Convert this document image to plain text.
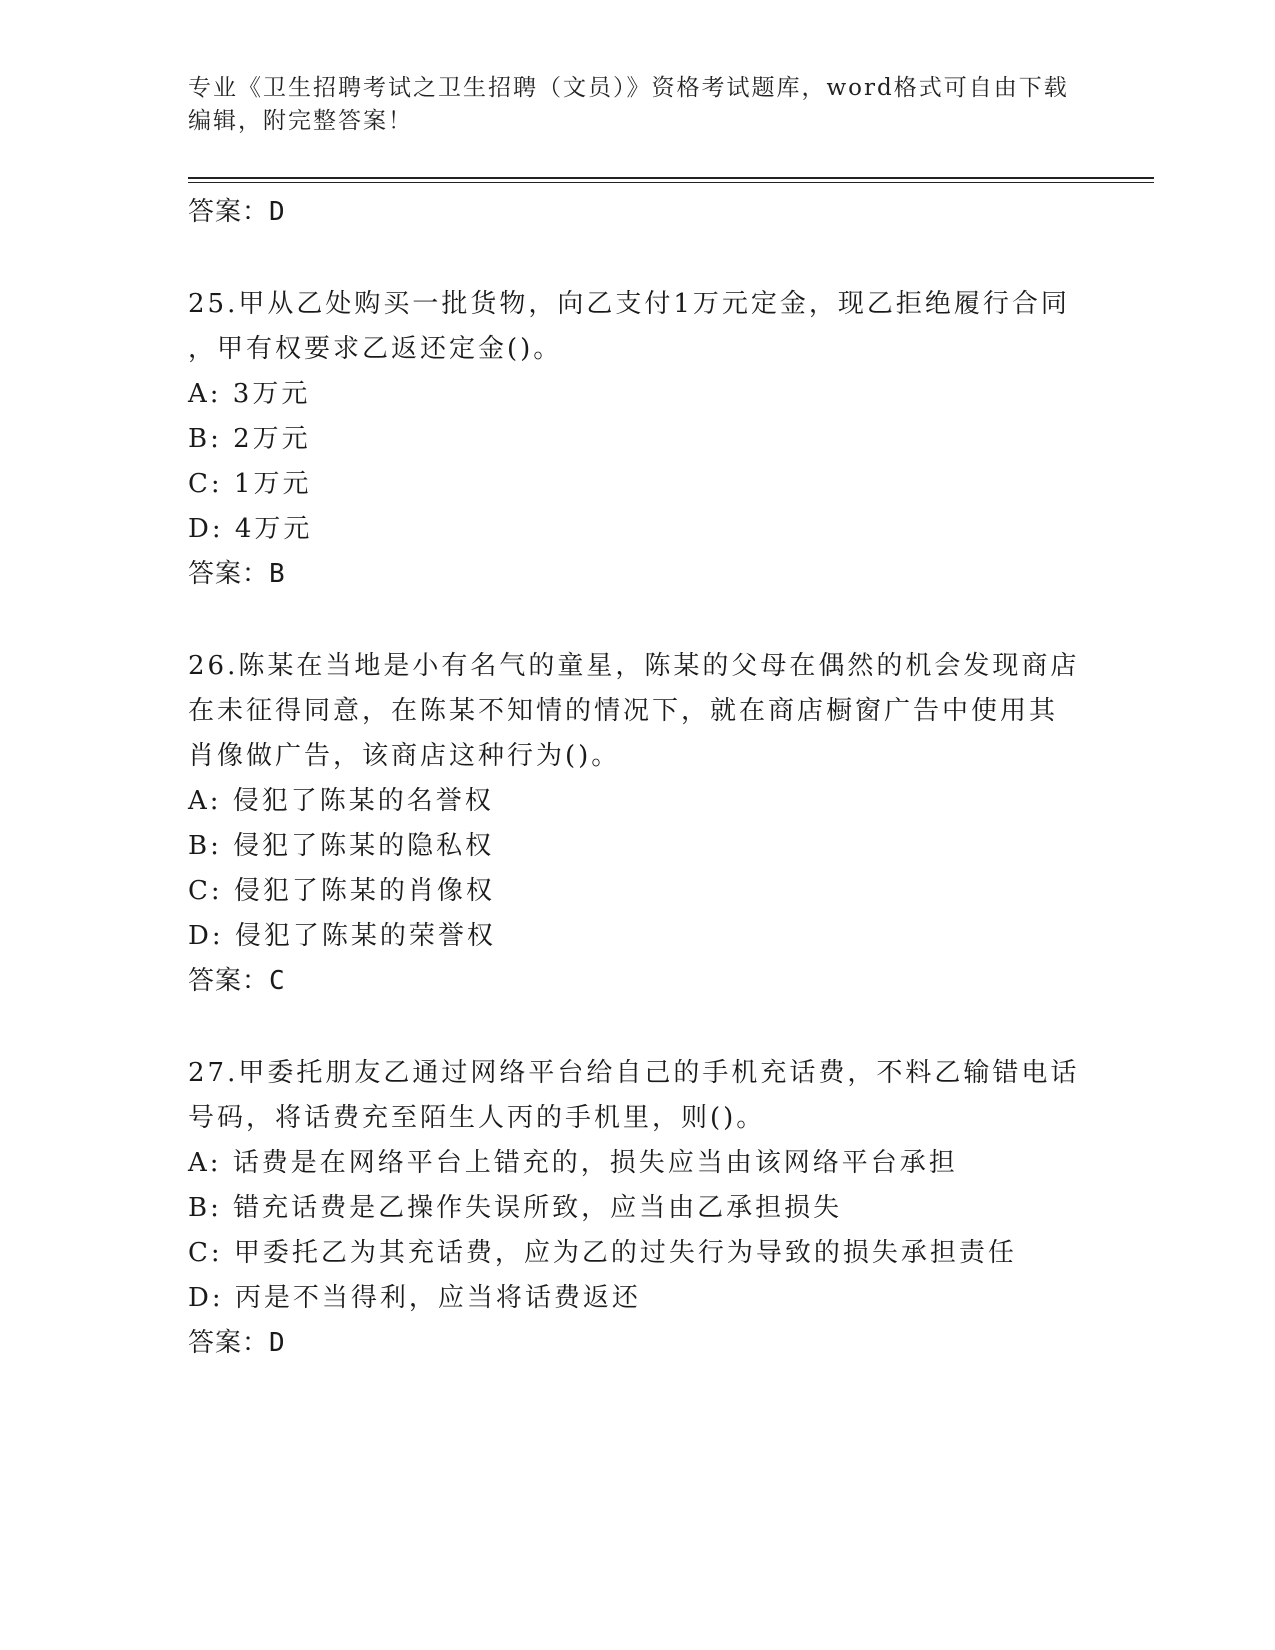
专业《卫生招聘考试之卫生招聘（文员）》资格考试题库，word格式可自由下载
编辑，附完整答案！
答案：D
25.甲从乙处购买一批货物，向乙支付1万元定金，现乙拒绝履行合同
，甲有权要求乙返还定金()。
A: 3万元
B: 2万元
C: 1万元
D: 4万元
答案：B
26.陈某在当地是小有名气的童星，陈某的父母在偶然的机会发现商店
在未征得同意，在陈某不知情的情况下，就在商店橱窗广告中使用其
肖像做广告，该商店这种行为()。
A: 侵犯了陈某的名誉权
B: 侵犯了陈某的隐私权
C: 侵犯了陈某的肖像权
D: 侵犯了陈某的荣誉权
答案：C
27.甲委托朋友乙通过网络平台给自己的手机充话费，不料乙输错电话
号码，将话费充至陌生人丙的手机里，则()。
A: 话费是在网络平台上错充的，损失应当由该网络平台承担
B: 错充话费是乙操作失误所致，应当由乙承担损失
C: 甲委托乙为其充话费，应为乙的过失行为导致的损失承担责任
D: 丙是不当得利，应当将话费返还
答案：D
